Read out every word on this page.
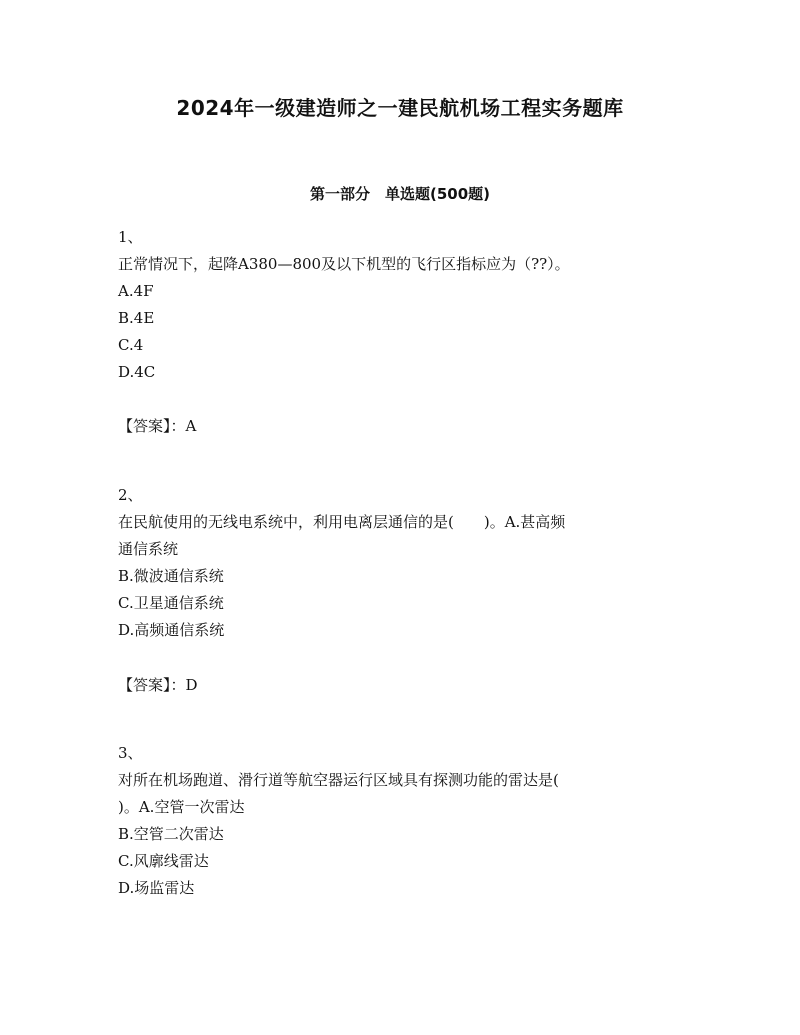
2024年一级建造师之一建民航机场工程实务题库
第一部分　单选题(500题)
1、
正常情况下，起降A380—800及以下机型的飞行区指标应为（??）。
A.4F
B.4E
C.4
D.4C
【答案】：A
2、
在民航使用的无线电系统中，利用电离层通信的是(　　)。A.甚高频
通信系统
B.微波通信系统
C.卫星通信系统
D.高频通信系统
【答案】：D
3、
对所在机场跑道、滑行道等航空器运行区域具有探测功能的雷达是(
)。A.空管一次雷达
B.空管二次雷达
C.风廓线雷达
D.场监雷达
